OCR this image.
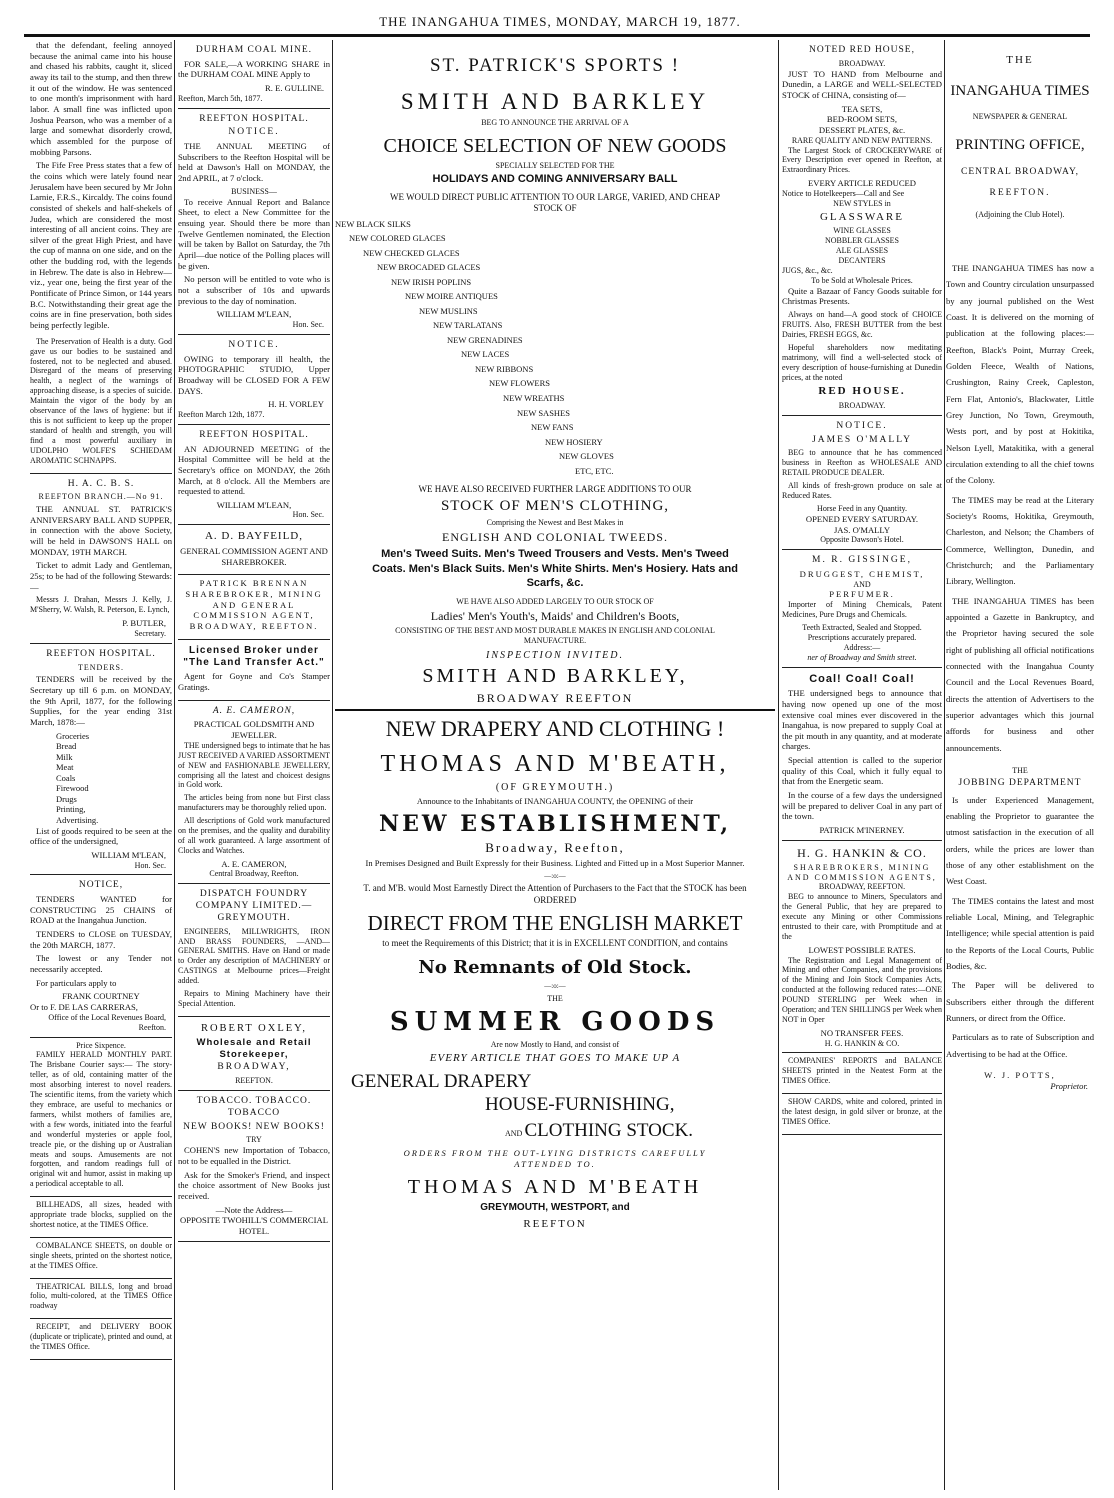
THE INANGAHUA TIMES, MONDAY, MARCH 19, 1877.

that the defendant, feeling annoyed because the animal came into his house and chased his rabbits, caught it, sliced away its tail to the stump, and then threw it out of the window. He was sentenced to one month's imprisonment with hard labor. A small fine was inflicted upon Joshua Pearson, who was a member of a large and somewhat disorderly crowd, which assembled for the purpose of mobbing Parsons.

The Fife Free Press states that a few of the coins which were lately found near Jerusalem have been secured by Mr John Larnie, F.R.S., Kircaldy. The coins found consisted of shekels and half-shekels of Judea, which are considered the most interesting of all ancient coins. They are silver of the great High Priest, and have the cup of manna on one side, and on the other the budding rod, with the legends in Hebrew. The date is also in Hebrew—viz., year one, being the first year of the Pontificate of Prince Simon, or 144 years B.C. Notwithstanding their great age the coins are in fine preservation, both sides being perfectly legible.

The Preservation of Health is a duty. God gave us our bodies to be sustained and fostered, not to be neglected and abused. Disregard of the means of preserving health, a neglect of the warnings of approaching disease, is a species of suicide. Maintain the vigor of the body by an observance of the laws of hygiene: but if this is not sufficient to keep up the proper standard of health and strength, you will find a most powerful auxiliary in UDOLPHO WOLFE'S SCHIEDAM AROMATIC SCHNAPPS.

H. A. C. B. S.
REEFTON BRANCH.—No 91.

THE ANNUAL ST. PATRICK'S ANNIVERSARY BALL AND SUPPER, in connection with the above Society, will be held in DAWSON'S HALL on MONDAY, 19TH MARCH.

Ticket to admit Lady and Gentleman, 25s; to be had of the following Stewards:—

Messrs J. Drahan, Messrs J. Kelly, J. M'Sherry, W. Walsh, R. Peterson, E. Lynch,

P. BUTLER,
Secretary.
REEFTON HOSPITAL.
TENDERS.

TENDERS will be received by the Secretary up till 6 p.m. on MONDAY, the 9th April, 1877, for the following Supplies, for the year ending 31st March, 1878:—

Groceries
Bread
Milk
Meat
Coals
Firewood
Drugs
Printing,
Advertising.

List of goods required to be seen at the office of the undersigned,

WILLIAM M'LEAN,
Hon. Sec.
NOTICE,

TENDERS WANTED for CONSTRUCTING 25 CHAINS of ROAD at the Inangahua Junction.

TENDERS to CLOSE on TUESDAY, the 20th MARCH, 1877.

The lowest or any Tender not necessarily accepted.

For particulars apply to

FRANK COURTNEY
Or to F. DE LAS CARRERAS,
Office of the Local Revenues Board, Reefton.
Price Sixpence.

FAMILY HERALD MONTHLY PART. The Brisbane Courier says:— The story-teller, as of old, containing matter of the most absorbing interest to novel readers. The scientific items, from the variety which they embrace, are useful to mechanics or farmers, whilst mothers of families are, with a few words, initiated into the fearful and wonderful mysteries or apple fool, treacle pie, or the dishing up or Australian meats and soups. Amusements are not forgotten, and random readings full of original wit and humor, assist in making up a periodical acceptable to all.

BILLHEADS, all sizes, headed with appropriate trade blocks, supplied on the shortest notice, at the TIMES Office.

COMBALANCE SHEETS, on double or single sheets, printed on the shortest notice, at the TIMES Office.

THEATRICAL BILLS, long and broad folio, multi-colored, at the TIMES Office roadway

RECEIPT, and DELIVERY BOOK (duplicate or triplicate), printed and ound, at the TIMES Office.

DURHAM COAL MINE.

FOR SALE,—A WORKING SHARE in the DURHAM COAL MINE Apply to

R. E. GULLINE.
Reefton, March 5th, 1877.
REEFTON HOSPITAL.
NOTICE.

THE ANNUAL MEETING of Subscribers to the Reefton Hospital will be held at Dawson's Hall on MONDAY, the 2nd APRIL, at 7 o'clock.

BUSINESS—

To receive Annual Report and Balance Sheet, to elect a New Committee for the ensuing year. Should there be more than Twelve Gentlemen nominated, the Election will be taken by Ballot on Saturday, the 7th April—due notice of the Polling places will be given.

No person will be entitled to vote who is not a subscriber of 10s and upwards previous to the day of nomination.

WILLIAM M'LEAN,
Hon. Sec.
NOTICE.

OWING to temporary ill health, the PHOTOGRAPHIC STUDIO, Upper Broadway will be CLOSED FOR A FEW DAYS.

H. H. VORLEY
Reefton March 12th, 1877.
REEFTON HOSPITAL.

AN ADJOURNED MEETING of the Hospital Committee will be held at the Secretary's office on MONDAY, the 26th March, at 8 o'clock. All the Members are requested to attend.

WILLIAM M'LEAN,
Hon. Sec.
A. D. BAYFEILD,

GENERAL COMMISSION AGENT AND SHAREBROKER.

PATRICK BRENNAN SHAREBROKER, MINING AND GENERAL COMMISSION AGENT, BROADWAY, REEFTON.

Licensed Broker under "The Land Transfer Act."

Agent for Goyne and Co's Stamper Gratings.

A. E. CAMERON,
PRACTICAL GOLDSMITH AND JEWELLER.

THE undersigned begs to intimate that he has JUST RECEIVED A VARIED ASSORTMENT of NEW and FASHIONABLE JEWELLERY, comprising all the latest and choicest designs in Gold work.

The articles being from none but First class manufacturers may be thoroughly relied upon.

All descriptions of Gold work manufactured on the premises, and the quality and durability of all work guaranteed. A large assortment of Clocks and Watches.

A. E. CAMERON,
Central Broadway, Reefton.
DISPATCH FOUNDRY COMPANY LIMITED.—GREYMOUTH.

ENGINEERS, MILLWRIGHTS, IRON AND BRASS FOUNDERS, —AND— GENERAL SMITHS. Have on Hand or made to Order any description of MACHINERY or CASTINGS at Melbourne prices—Freight added.

Repairs to Mining Machinery have their Special Attention.

ROBERT OXLEY,
Wholesale and Retail Storekeeper,
BROADWAY,
REEFTON.
TOBACCO. TOBACCO. TOBACCO
NEW BOOKS! NEW BOOKS!
TRY

COHEN'S new Importation of Tobacco, not to be equalled in the District.

Ask for the Smoker's Friend, and inspect the choice assortment of New Books just received.

—Note the Address—
OPPOSITE TWOHILL'S COMMERCIAL HOTEL.
ST. PATRICK'S SPORTS !
SMITH AND BARKLEY
BEG TO ANNOUNCE THE ARRIVAL OF A
CHOICE SELECTION OF NEW GOODS
SPECIALLY SELECTED FOR THE
HOLIDAYS AND COMING ANNIVERSARY BALL
WE WOULD DIRECT PUBLIC ATTENTION TO OUR LARGE, VARIED, AND CHEAP STOCK OF
NEW BLACK SILKS
NEW COLORED GLACES
NEW CHECKED GLACES
NEW BROCADED GLACES
NEW IRISH POPLINS
NEW MOIRE ANTIQUES
NEW MUSLINS
NEW TARLATANS
NEW GRENADINES
NEW LACES
NEW RIBBONS
NEW FLOWERS
NEW WREATHS
NEW SASHES
NEW FANS
NEW HOSIERY
NEW GLOVES
ETC, ETC.
WE HAVE ALSO RECEIVED FURTHER LARGE ADDITIONS TO OUR
STOCK OF MEN'S CLOTHING,
Comprising the Newest and Best Makes in
ENGLISH AND COLONIAL TWEEDS.
Men's Tweed Suits. Men's Tweed Trousers and Vests. Men's Tweed Coats. Men's Black Suits. Men's White Shirts. Men's Hosiery. Hats and Scarfs, &c.
WE HAVE ALSO ADDED LARGELY TO OUR STOCK OF
Ladies' Men's Youth's, Maids' and Children's Boots,
CONSISTING OF THE BEST AND MOST DURABLE MAKES IN ENGLISH AND COLONIAL MANUFACTURE.
INSPECTION INVITED.
SMITH AND BARKLEY,
BROADWAY REEFTON
NEW DRAPERY AND CLOTHING !
THOMAS AND M'BEATH,
(OF GREYMOUTH.)
Announce to the Inhabitants of INANGAHUA COUNTY, the OPENING of their
NEW ESTABLISHMENT,
Broadway, Reefton,
In Premises Designed and Built Expressly for their Business. Lighted and Fitted up in a Most Superior Manner.
—:o:—
T. and M'B. would Most Earnestly Direct the Attention of Purchasers to the Fact that the STOCK has been ORDERED
DIRECT FROM THE ENGLISH MARKET
to meet the Requirements of this District; that it is in EXCELLENT CONDITION, and contains
No Remnants of Old Stock.
—:o:—
THE
SUMMER GOODS
Are now Mostly to Hand, and consist of
EVERY ARTICLE THAT GOES TO MAKE UP A
GENERAL DRAPERY
HOUSE-FURNISHING,
AND CLOTHING STOCK.
ORDERS FROM THE OUT-LYING DISTRICTS CAREFULLY ATTENDED TO.
THOMAS AND M'BEATH
GREYMOUTH, WESTPORT, and
REEFTON
NOTED RED HOUSE,
BROADWAY.

JUST TO HAND from Melbourne and Dunedin, a LARGE and WELL-SELECTED STOCK of CHINA, consisting of—

TEA SETS,
BED-ROOM SETS,
DESSERT PLATES, &c.
RARE QUALITY AND NEW PATTERNS.

The Largest Stock of CROCKERYWARE of Every Description ever opened in Reefton, at Extraordinary Prices.

EVERY ARTICLE REDUCED
Notice to Hotelkeepers—Call and See
NEW STYLES in
GLASSWARE
WINE GLASSES
NOBBLER GLASSES
ALE GLASSES
DECANTERS
JUGS, &c., &c.
To be Sold at Wholesale Prices.

Quite a Bazaar of Fancy Goods suitable for Christmas Presents.

Always on hand—A good stock of CHOICE FRUITS. Also, FRESH BUTTER from the best Dairies, FRESH EGGS, &c.

Hopeful shareholders now meditating matrimony, will find a well-selected stock of every description of house-furnishing at Dunedin prices, at the noted

RED HOUSE.
BROADWAY.
NOTICE.
JAMES O'MALLY

BEG to announce that he has commenced business in Reefton as WHOLESALE AND RETAIL PRODUCE DEALER.

All kinds of fresh-grown produce on sale at Reduced Rates.

Horse Feed in any Quantity.
OPENED EVERY SATURDAY.
JAS. O'MALLY
Opposite Dawson's Hotel.
M. R. GISSINGE,
DRUGGEST, CHEMIST,
AND
PERFUMER.

Importer of Mining Chemicals, Patent Medicines, Pure Drugs and Chemicals.

Teeth Extracted, Sealed and Stopped.
Prescriptions accurately prepared.
Address:—
ner of Broadway and Smith street.
Coal! Coal! Coal!

THE undersigned begs to announce that having now opened up one of the most extensive coal mines ever discovered in the Inangahua, is now prepared to supply Coal at the pit mouth in any quantity, and at moderate charges.

Special attention is called to the superior quality of this Coal, which it fully equal to that from the Energetic seam.

In the course of a few days the undersigned will be prepared to deliver Coal in any part of the town.

PATRICK M'INERNEY.
H. G. HANKIN & CO.
SHAREBROKERS, MINING AND COMMISSION AGENTS,
BROADWAY, REEFTON.

BEG to announce to Miners, Speculators and the General Public, that hey are prepared to execute any Mining or other Commissions entrusted to their care, with Promptitude and at the

LOWEST POSSIBLE RATES.

The Registration and Legal Management of Mining and other Companies, and the provisions of the Mining and Join Stock Companies Acts, conducted at the following reduced rates:—ONE POUND STERLING per Week when in Operation; and TEN SHILLINGS per Week when NOT in Oper

NO TRANSFER FEES.
H. G. HANKIN & CO.

COMPANIES' REPORTS and BALANCE SHEETS printed in the Neatest Form at the TIMES Office.

SHOW CARDS, white and colored, printed in the latest design, in gold silver or bronze, at the TIMES Office.

THE
INANGAHUA TIMES
NEWSPAPER & GENERAL
PRINTING OFFICE,
CENTRAL BROADWAY,
REEFTON.
(Adjoining the Club Hotel).

THE INANGAHUA TIMES has now a Town and Country circulation unsurpassed by any journal published on the West Coast. It is delivered on the morning of publication at the following places:—Reefton, Black's Point, Murray Creek, Golden Fleece, Wealth of Nations, Crushington, Rainy Creek, Capleston, Fern Flat, Antonio's, Blackwater, Little Grey Junction, No Town, Greymouth, Wests port, and by post at Hokitika, Nelson Lyell, Matakitika, with a general circulation extending to all the chief towns of the Colony.

The TIMES may be read at the Literary Society's Rooms, Hokitika, Greymouth, Charleston, and Nelson; the Chambers of Commerce, Wellington, Dunedin, and Christchurch; and the Parliamentary Library, Wellington.

THE INANGAHUA TIMES has been appointed a Gazette in Bankruptcy, and the Proprietor having secured the sole right of publishing all official notifications connected with the Inangahua County Council and the Local Revenues Board, directs the attention of Advertisers to the superior advantages which this journal affords for business and other announcements.

THE
JOBBING DEPARTMENT

Is under Experienced Management, enabling the Proprietor to guarantee the utmost satisfaction in the execution of all orders, while the prices are lower than those of any other establishment on the West Coast.

The TIMES contains the latest and most reliable Local, Mining, and Telegraphic Intelligence; while special attention is paid to the Reports of the Local Courts, Public Bodies, &c.

The Paper will be delivered to Subscribers either through the different Runners, or direct from the Office.

Particulars as to rate of Subscription and Advertising to be had at the Office.

W. J. POTTS,
Proprietor.
